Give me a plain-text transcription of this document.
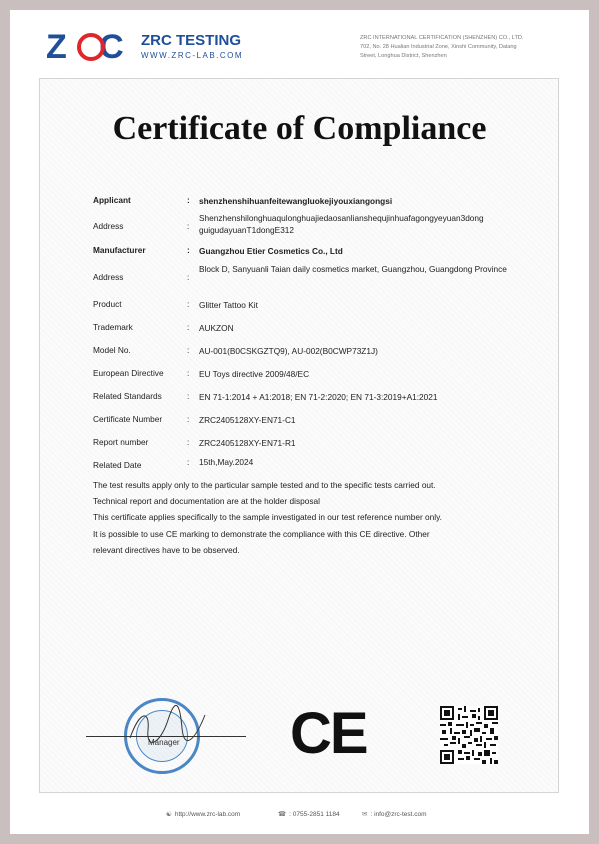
Z   C ZRC TESTING
WWW.ZRC-LAB.COM
ZRC INTERNATIONAL CERTIFICATION (SHENZHEN) CO., LTD.
702, No. 28 Hualian Industrial Zone, Xinshi Community, Dalang
Street, Longhua District, Shenzhen
Certificate of Compliance
Applicant	: shenzhenshihuanfeitewangluokejiyouxiangongsi
Address	:
Shenzhenshilonghuaqulonghuajiedaosanlianshequjinhuafagongyeyuan3dong guigudayuanT1dongE312
Manufacturer	: Guangzhou Etier Cosmetics Co., Ltd
Address	:
Block D, Sanyuanli Taian daily cosmetics market, Guangzhou, Guangdong Province
Product	: Glitter Tattoo Kit
Trademark	: AUKZON
Model No.	: AU-001(B0CSKGZTQ9), AU-002(B0CWP73Z1J)
European Directive	: EU Toys directive 2009/48/EC
Related Standards	: EN 71-1:2014 + A1:2018; EN 71-2:2020; EN 71-3:2019+A1:2021
Certificate Number	: ZRC2405128XY-EN71-C1
Report number	: ZRC2405128XY-EN71-R1
Related Date	: 15th,May.2024
The test results apply only to the particular sample tested and to the specific tests carried out.
Technical report and documentation are at the holder disposal
This certificate applies specifically to the sample investigated in our test reference number only.
It is possible to use CE marking to demonstrate the compliance with this CE directive. Other
relevant directives have to be observed.
Manager CE
☯ http://www.zrc-lab.com	☎ : 0755-2851 1184	✉ : info@zrc-test.com
